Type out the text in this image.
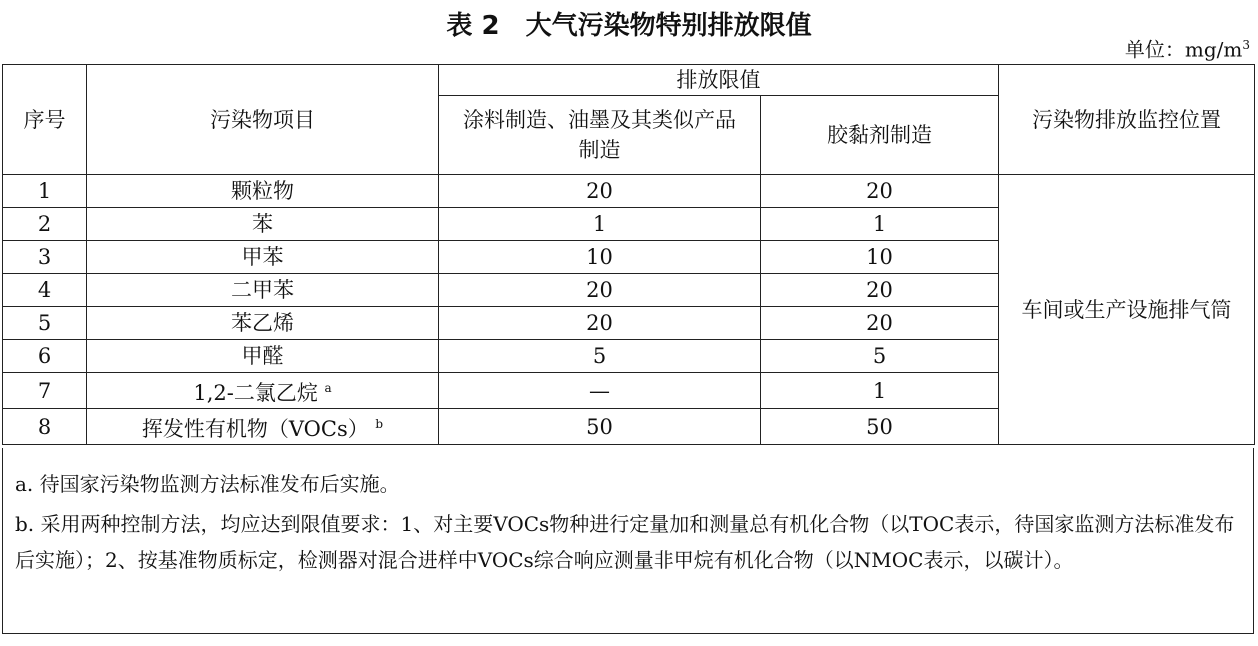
表 2　大气污染物特别排放限值
单位：$mg/m^3$
序号	污染物项目	排放限值		污染物排放监控位置
		涂料制造、油墨及其类似产品制造	胶黏剂制造	
1	颗粒物	20	20	车间或生产设施排气筒
2	苯	1	1	
3	甲苯	10	10	
4	二甲苯	20	20	
5	苯乙烯	20	20	
6	甲醛	5	5	
7	1,2-二氯乙烷 $^a$	—	1	
8	挥发性有机物（VOCs） $^b$	50	50	

a. 待国家污染物监测方法标准发布后实施。

b. 采用两种控制方法，均应达到限值要求：1、对主要VOCs物种进行定量加和测量总有机化合物（以TOC表示，待国家监测方法标准发布后实施）；2、按基准物质标定，检测器对混合进样中VOCs综合响应测量非甲烷有机化合物（以NMOC表示，以碳计）。
